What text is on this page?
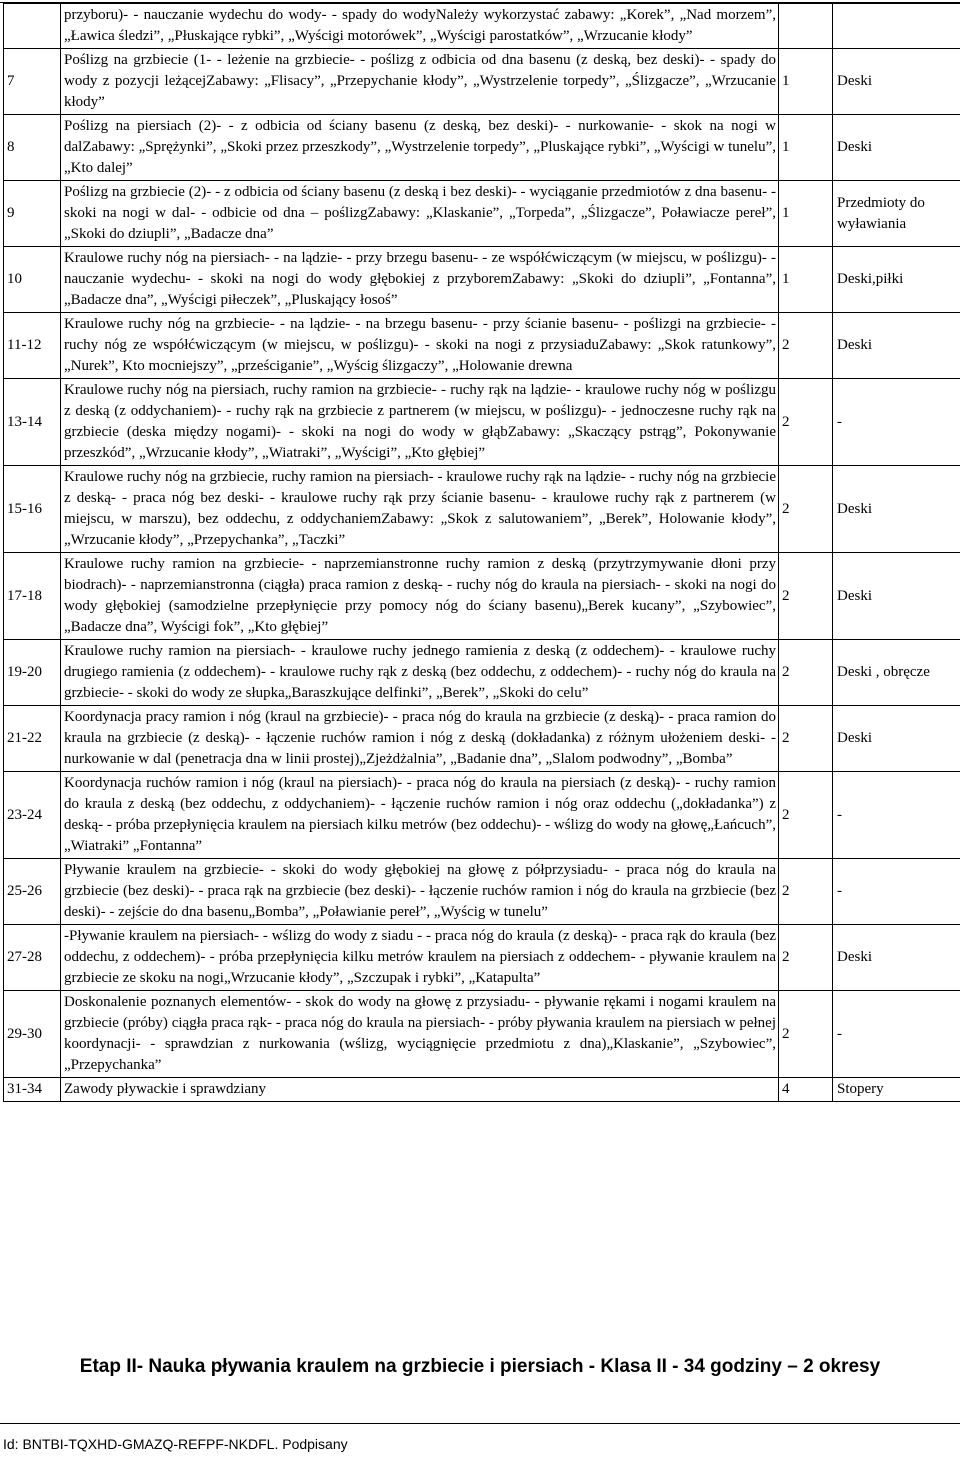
	przyboru)- - nauczanie wydechu do wody- - spady do wodyNależy wykorzystać zabawy: „Korek”, „Nad morzem”, „Ławica śledzi”, „Płuskające rybki”, „Wyścigi motorówek”, „Wyścigi parostatków”, „Wrzucanie kłody”		
7	Poślizg na grzbiecie (1- - leżenie na grzbiecie- - poślizg z odbicia od dna basenu (z deską, bez deski)- - spady do wody z pozycji leżącejZabawy: „Flisacy”, „Przepychanie kłody”, „Wystrzelenie torpedy”, „Ślizgacze”, „Wrzucanie kłody”	1	Deski
8	Poślizg na piersiach (2)- - z odbicia od ściany basenu (z deską, bez deski)- - nurkowanie- - skok na nogi w dalZabawy: „Sprężynki”, „Skoki przez przeszkody”, „Wystrzelenie torpedy”, „Pluskające rybki”, „Wyścigi w tunelu”, „Kto dalej”	1	Deski
9	Poślizg na grzbiecie (2)- - z odbicia od ściany basenu (z deską i bez deski)- - wyciąganie przedmiotów z dna basenu- - skoki na nogi w dal- - odbicie od dna – poślizgZabawy: „Klaskanie”, „Torpeda”, „Ślizgacze”, Poławiacze pereł”, „Skoki do dziupli”, „Badacze dna”	1	Przedmioty do wyławiania
10	Kraulowe ruchy nóg na piersiach- - na lądzie- - przy brzegu basenu- - ze współćwiczącym (w miejscu, w poślizgu)- - nauczanie wydechu- - skoki na nogi do wody głębokiej z przyboremZabawy: „Skoki do dziupli”, „Fontanna”, „Badacze dna”, „Wyścigi piłeczek”, „Pluskający łosoś”	1	Deski,piłki
11-12	Kraulowe ruchy nóg na grzbiecie- - na lądzie- - na brzegu basenu- - przy ścianie basenu- - poślizgi na grzbiecie- - ruchy nóg ze współćwiczącym (w miejscu, w poślizgu)- - skoki na nogi z przysiaduZabawy: „Skok ratunkowy”, „Nurek”, Kto mocniejszy”, „prześciganie”, „Wyścig ślizgaczy”, „Holowanie drewna	2	Deski
13-14	Kraulowe ruchy nóg na piersiach, ruchy ramion na grzbiecie- - ruchy rąk na lądzie- - kraulowe ruchy nóg w poślizgu z deską (z oddychaniem)- - ruchy rąk na grzbiecie z partnerem (w miejscu, w poślizgu)- - jednoczesne ruchy rąk na grzbiecie (deska między nogami)- - skoki na nogi do wody w głąbZabawy: „Skaczący pstrąg”, Pokonywanie przeszkód”, „Wrzucanie kłody”, „Wiatraki”, „Wyścigi”, „Kto głębiej”	2	-
15-16	Kraulowe ruchy nóg na grzbiecie, ruchy ramion na piersiach- - kraulowe ruchy rąk na lądzie- - ruchy nóg na grzbiecie z deską- - praca nóg bez deski- - kraulowe ruchy rąk przy ścianie basenu- - kraulowe ruchy rąk z partnerem (w miejscu, w marszu), bez oddechu, z oddychaniemZabawy: „Skok z salutowaniem”, „Berek”, Holowanie kłody”, „Wrzucanie kłody”, „Przepychanka”, „Taczki”	2	Deski
17-18	Kraulowe ruchy ramion na grzbiecie- - naprzemianstronne ruchy ramion z deską (przytrzymywanie dłoni przy biodrach)- - naprzemianstronna (ciągła) praca ramion z deską- - ruchy nóg do kraula na piersiach- - skoki na nogi do wody głębokiej (samodzielne przepłynięcie przy pomocy nóg do ściany basenu)„Berek kucany”, „Szybowiec”, „Badacze dna”, Wyścigi fok”, „Kto głębiej”	2	Deski
19-20	Kraulowe ruchy ramion na piersiach- - kraulowe ruchy jednego ramienia z deską (z oddechem)- - kraulowe ruchy drugiego ramienia (z oddechem)- - kraulowe ruchy rąk z deską (bez oddechu, z oddechem)- - ruchy nóg do kraula na grzbiecie- - skoki do wody ze słupka„Baraszkujące delfinki”, „Berek”, „Skoki do celu”	2	Deski , obręcze
21-22	Koordynacja pracy ramion i nóg (kraul na grzbiecie)- - praca nóg do kraula na grzbiecie (z deską)- - praca ramion do kraula na grzbiecie (z deską)- - łączenie ruchów ramion i nóg z deską (dokładanka) z różnym ułożeniem deski- - nurkowanie w dal (penetracja dna w linii prostej)„Zjeżdżalnia”, „Badanie dna”, „Slalom podwodny”, „Bomba”	2	Deski
23-24	Koordynacja ruchów ramion i nóg (kraul na piersiach)- - praca nóg do kraula na piersiach (z deską)- - ruchy ramion do kraula z deską (bez oddechu, z oddychaniem)- - łączenie ruchów ramion i nóg oraz oddechu („dokładanka”) z deską- - próba przepłynięcia kraulem na piersiach kilku metrów (bez oddechu)- - wślizg do wody na głowę„Łańcuch”, „Wiatraki” „Fontanna”	2	-
25-26	Pływanie kraulem na grzbiecie- - skoki do wody głębokiej na głowę z półprzysiadu- - praca nóg do kraula na grzbiecie (bez deski)- - praca rąk na grzbiecie (bez deski)- - łączenie ruchów ramion i nóg do kraula na grzbiecie (bez deski)- - zejście do dna basenu„Bomba”, „Poławianie pereł”, „Wyścig w tunelu”	2	-
27-28	-Pływanie kraulem na piersiach- - wślizg do wody z siadu - - praca nóg do kraula (z deską)- - praca rąk do kraula (bez oddechu, z oddechem)- - próba przepłynięcia kilku metrów kraulem na piersiach z oddechem- - pływanie kraulem na grzbiecie ze skoku na nogi„Wrzucanie kłody”, „Szczupak i rybki”, „Katapulta”	2	Deski
29-30	Doskonalenie poznanych elementów- - skok do wody na głowę z przysiadu- - pływanie rękami i nogami kraulem na grzbiecie (próby) ciągła praca rąk- - praca nóg do kraula na piersiach- - próby pływania kraulem na piersiach w pełnej koordynacji- - sprawdzian z nurkowania (wślizg, wyciągnięcie przedmiotu z dna)„Klaskanie”, „Szybowiec”, „Przepychanka”	2	-
31-34	Zawody pływackie i sprawdziany	4	Stopery
Etap II- Nauka pływania kraulem na grzbiecie i piersiach - Klasa II - 34 godziny – 2 okresy
Id: BNTBI-TQXHD-GMAZQ-REFPF-NKDFL. Podpisany
